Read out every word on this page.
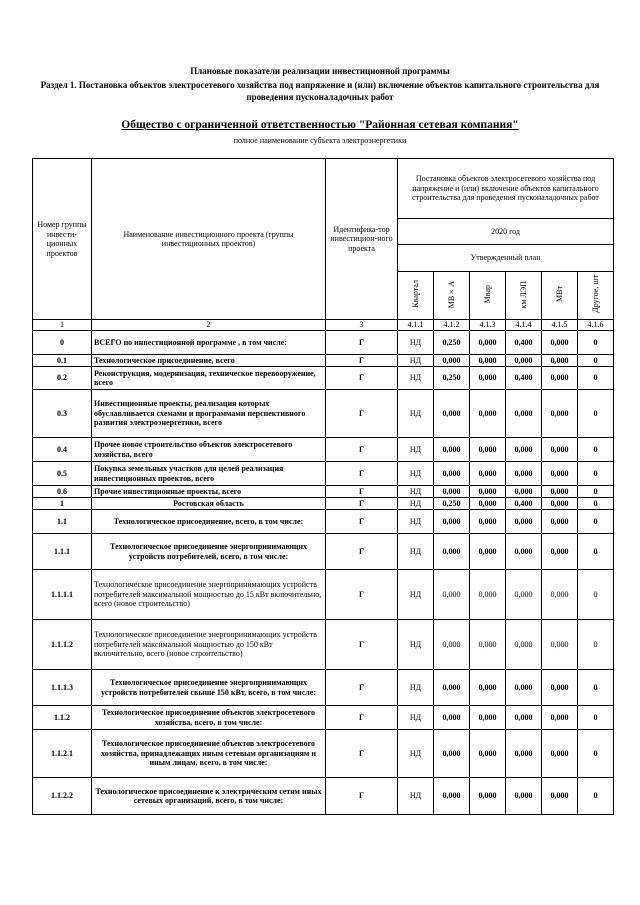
Плановые показатели реализации инвестиционной программы
Раздел 1. Постановка объектов электросетевого хозяйства под напряжение и (или) включение объектов капитального строительства для проведения пусконаладочных работ
Общество с ограниченной ответственностью "Районная сетевая компания"
полное наименование субъекта электроэнергетики
Номер группы инвести-ционных проектов	Наименование инвестиционного проекта (группы инвестиционных проектов)	Идентифика-тор инвестицион-ного проекта	Постановка объектов электросетевого хозяйства под напряжение и (или) включение объектов капитального строительства для проведения пусконаладочных работ					
			2020 год					
			Утвержденный план					
			Квартал	МВ×А	Мвар	км ЛЭП	МВт	Другое, шт
1	2	3	4.1.1	4.1.2	4.1.3	4.1.4	4.1.5	4.1.6
0	ВСЕГО по инвестиционной программе , в том числе:	Г	НД	0,250	0,000	0,400	0,000	0
0.1	Технологическое присоединение, всего	Г	НД	0,000	0,000	0,000	0,000	0
0.2	Реконструкция, модернизация, техническое перевооружение, всего	Г	НД	0,250	0,000	0,400	0,000	0
0.3	Инвестиционные проекты, реализация которых обуславливается схемами и программами перспективного развития электроэнергетики, всего	Г	НД	0,000	0,000	0,000	0,000	0
0.4	Прочее новое строительство объектов электросетевого хозяйства, всего	Г	НД	0,000	0,000	0,000	0,000	0
0.5	Покупка земельных участков для целей реализация инвестиционных проектов, всего	Г	НД	0,000	0,000	0,000	0,000	0
0.6	Прочие инвестиционные проекты, всего	Г	НД	0,000	0,000	0,000	0,000	0
1	Ростовская область	Г	НД	0,250	0,000	0,400	0,000	0
1.1	Технологическое присоединение, всего, в том числе:	Г	НД	0,000	0,000	0,000	0,000	0
1.1.1	Технологическое присоединение энергопринимающих устройств потребителей, всего, в том числе:	Г	НД	0,000	0,000	0,000	0,000	0
1.1.1.1	Технологическое присоединение энергопринимающих устройств потребителей максимальной мощностью до 15 кВт включительно, всего (новое строительство)	Г	НД	0,000	0,000	0,000	0,000	0
1.1.1.2	Технологическое присоединение энергопринимающих устройств потребителей максимальной мощностью до 150 кВт включительно, всего (новое строительство)	Г	НД	0,000	0,000	0,000	0,000	0
1.1.1.3	Технологическое присоединение энергопринимающих устройств потребителей свыше 150 кВт, всего, в том числе:	Г	НД	0,000	0,000	0,000	0,000	0
1.1.2	Технологическое присоединение объектов электросетевого хозяйства, всего, в том числе:	Г	НД	0,000	0,000	0,000	0,000	0
1.1.2.1	Технологическое присоединение объектов электросетевого хозяйства, принадлежащих иным сетевым организациям и иным лицам, всего, в том числе:	Г	НД	0,000	0,000	0,000	0,000	0
1.1.2.2	Технологическое присоединение к электрическим сетям иных сетевых организаций, всего, в том числе:	Г	НД	0,000	0,000	0,000	0,000	0
